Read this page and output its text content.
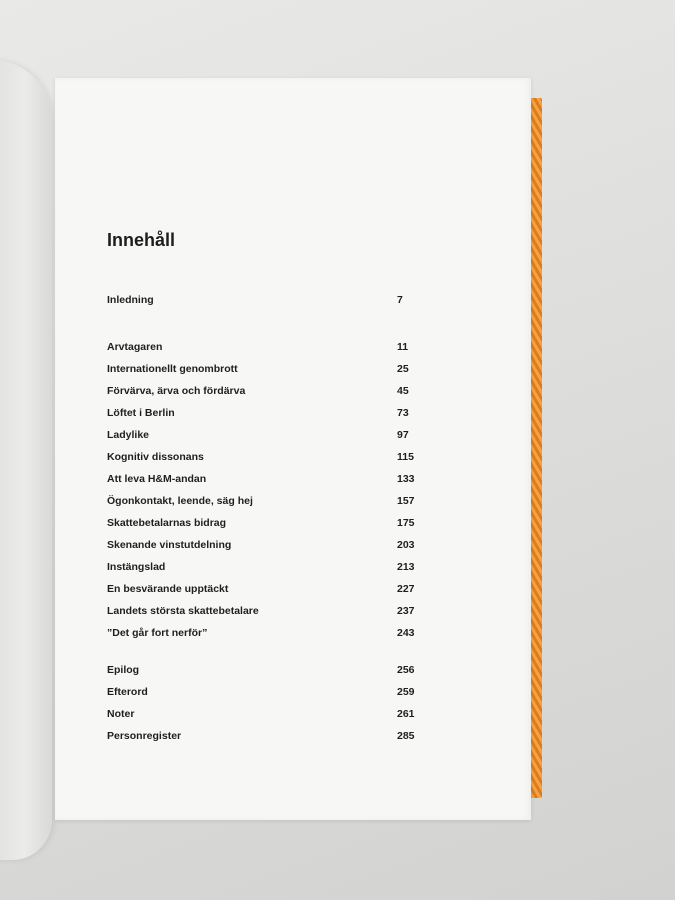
Innehåll
Inledning	7
Arvtagaren	11
Internationellt genombrott	25
Förvärva, ärva och fördärva	45
Löftet i Berlin	73
Ladylike	97
Kognitiv dissonans	115
Att leva H&M-andan	133
Ögonkontakt, leende, säg hej	157
Skattebetalarnas bidrag	175
Skenande vinstutdelning	203
Instängslad	213
En besvärande upptäckt	227
Landets största skattebetalare	237
”Det går fort nerför”	243
Epilog	256
Efterord	259
Noter	261
Personregister	285
